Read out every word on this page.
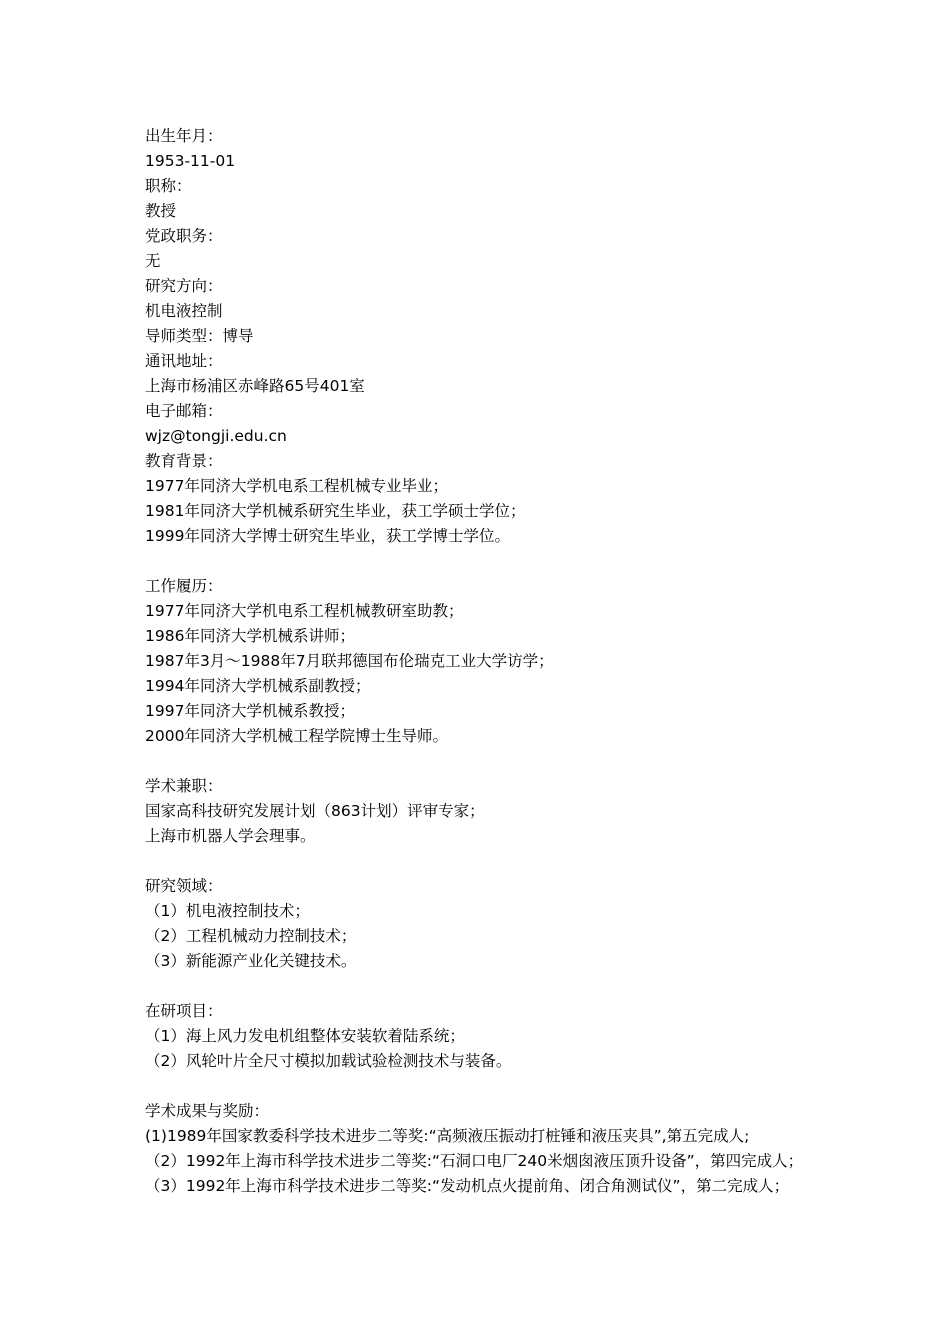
出生年月：
1953-11-01
职称：
教授
党政职务：
无
研究方向：
机电液控制
导师类型：博导
通讯地址：
上海市杨浦区赤峰路65号401室
电子邮箱：
wjz@tongji.edu.cn
教育背景：
1977年同济大学机电系工程机械专业毕业；
1981年同济大学机械系研究生毕业，获工学硕士学位；
1999年同济大学博士研究生毕业，获工学博士学位。
工作履历：
1977年同济大学机电系工程机械教研室助教；
1986年同济大学机械系讲师；
1987年3月～1988年7月联邦德国布伦瑞克工业大学访学；
1994年同济大学机械系副教授；
1997年同济大学机械系教授；
2000年同济大学机械工程学院博士生导师。
学术兼职：
国家高科技研究发展计划（863计划）评审专家；
上海市机器人学会理事。
研究领域：
（1）机电液控制技术；
（2）工程机械动力控制技术；
（3）新能源产业化关键技术。
在研项目：
（1）海上风力发电机组整体安装软着陆系统；
（2）风轮叶片全尺寸模拟加载试验检测技术与装备。
学术成果与奖励：
(1)1989年国家教委科学技术进步二等奖:“高频液压振动打桩锤和液压夹具”,第五完成人;
（2）1992年上海市科学技术进步二等奖:“石洞口电厂240米烟囱液压顶升设备”，第四完成人；
（3）1992年上海市科学技术进步二等奖:“发动机点火提前角、闭合角测试仪”，第二完成人；
